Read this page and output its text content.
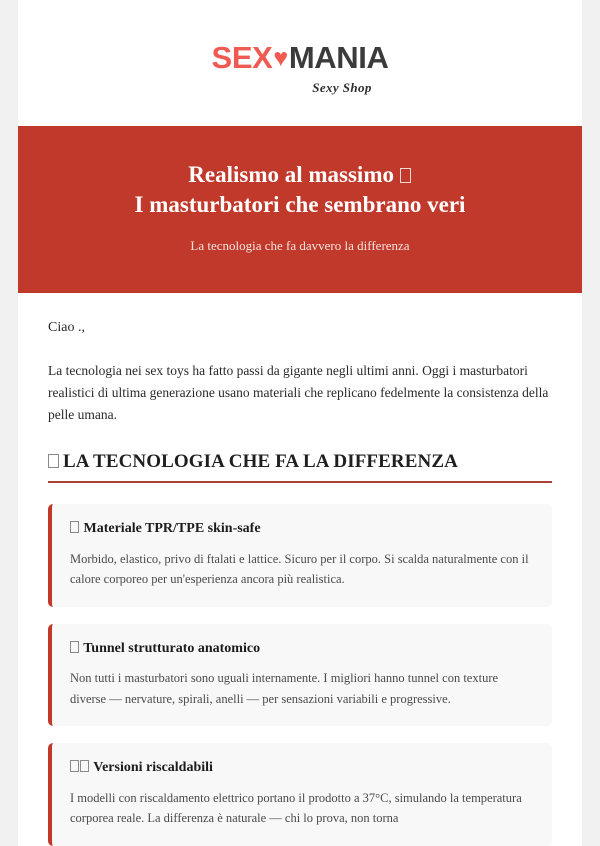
SEX♥MANIA
Sexy Shop
Realismo al massimo
I masturbatori che sembrano veri

La tecnologia che fa davvero la differenza

Ciao .,

La tecnologia nei sex toys ha fatto passi da gigante negli ultimi anni. Oggi i masturbatori realistici di ultima generazione usano materiali che replicano fedelmente la consistenza della pelle umana.

LA TECNOLOGIA CHE FA LA DIFFERENZA

Materiale TPR/TPE skin-safe

Morbido, elastico, privo di ftalati e lattice. Sicuro per il corpo. Si scalda naturalmente con il calore corporeo per un'esperienza ancora più realistica.

Tunnel strutturato anatomico

Non tutti i masturbatori sono uguali internamente. I migliori hanno tunnel con texture diverse — nervature, spirali, anelli — per sensazioni variabili e progressive.

Versioni riscaldabili

I modelli con riscaldamento elettrico portano il prodotto a 37°C, simulando la temperatura corporea reale. La differenza è naturale — chi lo prova, non torna
